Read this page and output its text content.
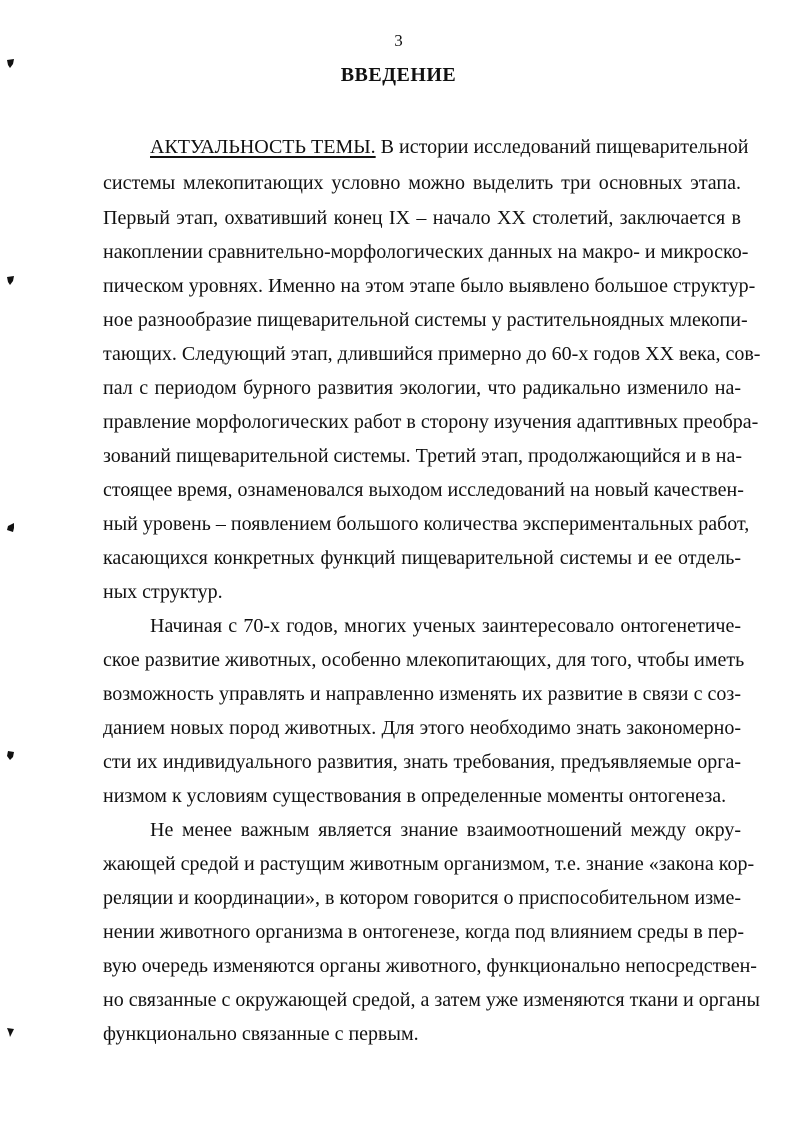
3
ВВЕДЕНИЕ
АКТУАЛЬНОСТЬ ТЕМЫ. В истории исследований пищеварительной
системы млекопитающих условно можно выделить три основных этапа.
Первый этап, охвативший конец IX – начало XX столетий, заключается в
накоплении сравнительно-морфологических данных на макро- и микроско-
пическом уровнях. Именно на этом этапе было выявлено большое структур-
ное разнообразие пищеварительной системы у растительноядных млекопи-
тающих. Следующий этап, длившийся примерно до 60-х годов XX века, сов-
пал с периодом бурного развития экологии, что радикально изменило на-
правление морфологических работ в сторону изучения адаптивных преобра-
зований пищеварительной системы. Третий этап, продолжающийся и в на-
стоящее время, ознаменовался выходом исследований на новый качествен-
ный уровень – появлением большого количества экспериментальных работ,
касающихся конкретных функций пищеварительной системы и ее отдель-
ных структур.
Начиная с 70-х годов, многих ученых заинтересовало онтогенетиче-
ское развитие животных, особенно млекопитающих, для того, чтобы иметь
возможность управлять и направленно изменять их развитие в связи с соз-
данием новых пород животных. Для этого необходимо знать закономерно-
сти их индивидуального развития, знать требования, предъявляемые орга-
низмом к условиям существования в определенные моменты онтогенеза.
Не менее важным является знание взаимоотношений между окру-
жающей средой и растущим животным организмом, т.е. знание «закона кор-
реляции и координации», в котором говорится о приспособительном изме-
нении животного организма в онтогенезе, когда под влиянием среды в пер-
вую очередь изменяются органы животного, функционально непосредствен-
но связанные с окружающей средой, а затем уже изменяются ткани и органы
функционально связанные с первым.
